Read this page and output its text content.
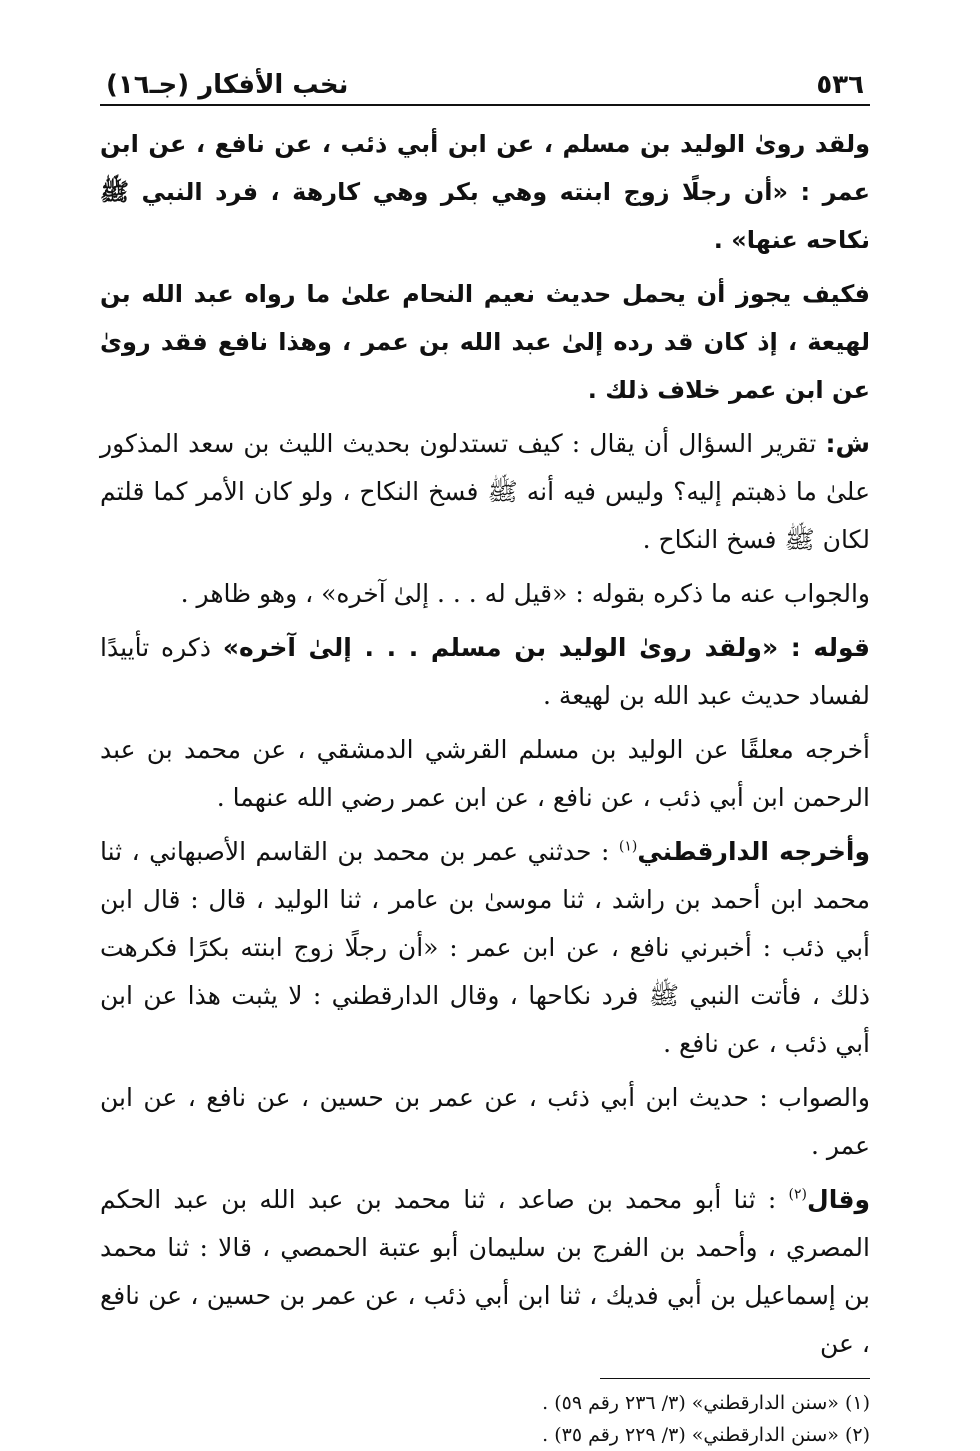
٥٣٦
نخب الأفكار (جـ١٦)

ولقد روىٰ الوليد بن مسلم ، عن ابن أبي ذئب ، عن نافع ، عن ابن عمر : «أن رجلًا زوج ابنته وهي بكر وهي كارهة ، فرد النبي ﷺ نكاحه عنها» .

فكيف يجوز أن يحمل حديث نعيم النحام علىٰ ما رواه عبد الله بن لهيعة ، إذ كان قد رده إلىٰ عبد الله بن عمر ، وهذا نافع فقد روىٰ عن ابن عمر خلاف ذلك .

ش: تقرير السؤال أن يقال : كيف تستدلون بحديث الليث بن سعد المذكور علىٰ ما ذهبتم إليه؟ وليس فيه أنه ﷺ فسخ النكاح ، ولو كان الأمر كما قلتم لكان ﷺ فسخ النكاح .

والجواب عنه ما ذكره بقوله : «قيل له . . . إلىٰ آخره» ، وهو ظاهر .

قوله : «ولقد روىٰ الوليد بن مسلم . . . إلىٰ آخره» ذكره تأييدًا لفساد حديث عبد الله بن لهيعة .

أخرجه معلقًا عن الوليد بن مسلم القرشي الدمشقي ، عن محمد بن عبد الرحمن ابن أبي ذئب ، عن نافع ، عن ابن عمر رضي الله عنهما .

وأخرجه الدارقطني$^{(١)}$ : حدثني عمر بن محمد بن القاسم الأصبهاني ، ثنا محمد ابن أحمد بن راشد ، ثنا موسىٰ بن عامر ، ثنا الوليد ، قال : قال ابن أبي ذئب : أخبرني نافع ، عن ابن عمر : «أن رجلًا زوج ابنته بكرًا فكرهت ذلك ، فأتت النبي ﷺ فرد نكاحها ، وقال الدارقطني : لا يثبت هذا عن ابن أبي ذئب ، عن نافع .

والصواب : حديث ابن أبي ذئب ، عن عمر بن حسين ، عن نافع ، عن ابن عمر .

وقال$^{(٢)}$ : ثنا أبو محمد بن صاعد ، ثنا محمد بن عبد الله بن عبد الحكم المصري ، وأحمد بن الفرج بن سليمان أبو عتبة الحمصي ، قالا : ثنا محمد بن إسماعيل بن أبي فديك ، ثنا ابن أبي ذئب ، عن عمر بن حسين ، عن نافع ، عن

(١) «سنن الدارقطني» (٣/ ٢٣٦ رقم ٥٩) .

(٢) «سنن الدارقطني» (٣/ ٢٢٩ رقم ٣٥) .
